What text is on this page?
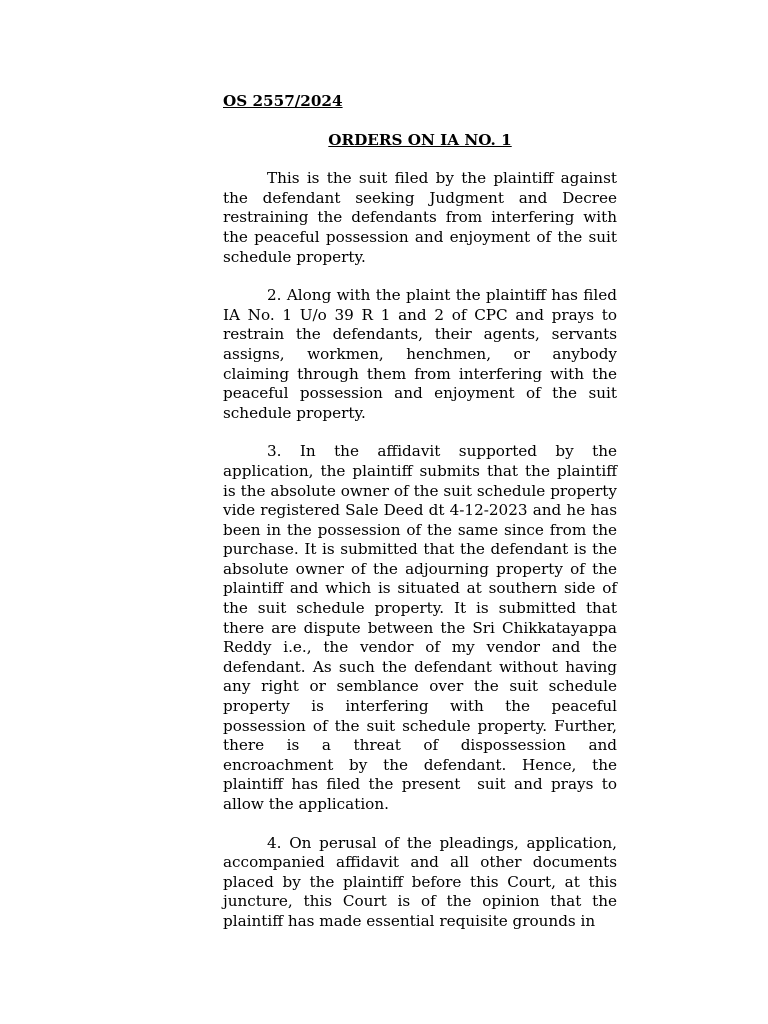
OS 2557/2024

ORDERS ON IA NO. 1

This is the suit filed by the plaintiff against the defendant seeking Judgment and Decree restraining the defendants from interfering with the peaceful possession and enjoyment of the suit schedule property.

2. Along with the plaint the plaintiff has filed IA No. 1 U/o 39 R 1 and 2 of CPC and prays to restrain the defendants, their agents, servants assigns, workmen, henchmen, or anybody claiming through them from interfering with the peaceful possession and enjoyment of the suit schedule property.

3. In the affidavit supported by the application, the plaintiff submits that the plaintiff is the absolute owner of the suit schedule property vide registered Sale Deed dt 4-12-2023 and he has been in the possession of the same since from the purchase. It is submitted that the defendant is the absolute owner of the adjourning property of the plaintiff and which is situated at southern side of the suit schedule property. It is submitted that there are dispute between the Sri Chikkatayappa Reddy i.e., the vendor of my vendor and the defendant. As such the defendant without having any right or semblance over the suit schedule property is interfering with the peaceful possession of the suit schedule property. Further, there is a threat of dispossession and encroachment by the defendant. Hence, the plaintiff has filed the present  suit and prays to allow the application.

4. On perusal of the pleadings, application, accompanied affidavit and all other documents placed by the plaintiff before this Court, at this juncture, this Court is of the opinion that the plaintiff has made essential requisite grounds in
